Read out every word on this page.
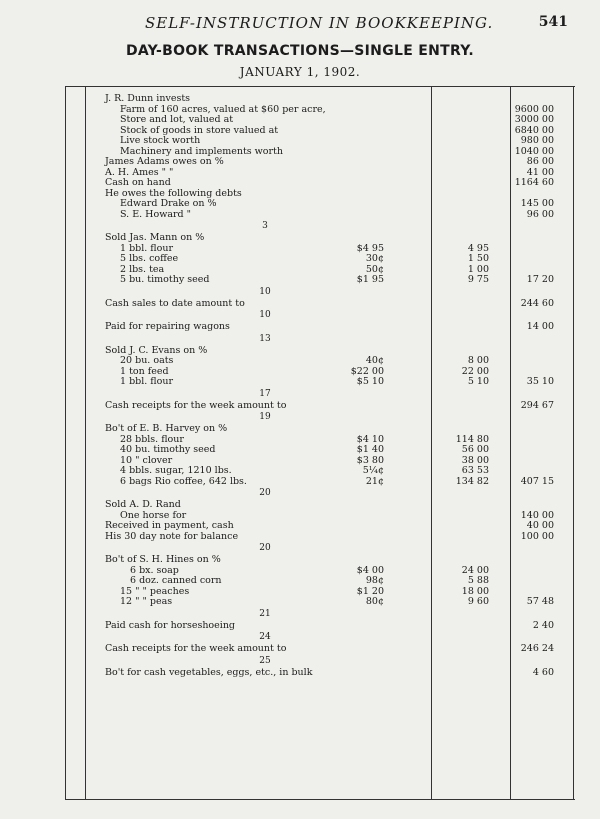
SELF-INSTRUCTION IN BOOKKEEPING.	541
DAY-BOOK TRANSACTIONS—SINGLE ENTRY.
JANUARY 1, 1902.
J. R. Dunn invests
Farm of 160 acres, valued at $60 per acre,	9600 00
Store and lot, valued at	3000 00
Stock of goods in store valued at	6840 00
Live stock worth	980 00
Machinery and implements worth	1040 00
James Adams owes on %	86 00
A. H. Ames " "	41 00
Cash on hand	1164 60
He owes the following debts
Edward Drake on %	145 00
S. E. Howard "	96 00
3
Sold Jas. Mann on %
1 bbl. flour	$4 95	4 95
5 lbs. coffee	30¢	1 50
2 lbs. tea	50¢	1 00
5 bu. timothy seed	$1 95	9 75	17 20
10
Cash sales to date amount to	244 60
10
Paid for repairing wagons	14 00
13
Sold J. C. Evans on %
20 bu. oats	40¢	8 00
1 ton feed	$22 00	22 00
1 bbl. flour	$5 10	5 10	35 10
17
Cash receipts for the week amount to	294 67
19
Bo't of E. B. Harvey on %
28 bbls. flour	$4 10	114 80
40 bu. timothy seed	$1 40	56 00
10 " clover	$3 80	38 00
4 bbls. sugar, 1210 lbs.	5¼¢	63 53
6 bags Rio coffee, 642 lbs.	21¢	134 82	407 15
20
Sold A. D. Rand
One horse for	140 00
Received in payment, cash	40 00
His 30 day note for balance	100 00
20
Bo't of S. H. Hines on %
6 bx. soap	$4 00	24 00
6 doz. canned corn	98¢	5 88
15 " " peaches	$1 20	18 00
12 " " peas	80¢	9 60	57 48
21
Paid cash for horseshoeing	2 40
24
Cash receipts for the week amount to	246 24
25
Bo't for cash vegetables, eggs, etc., in bulk	4 60
